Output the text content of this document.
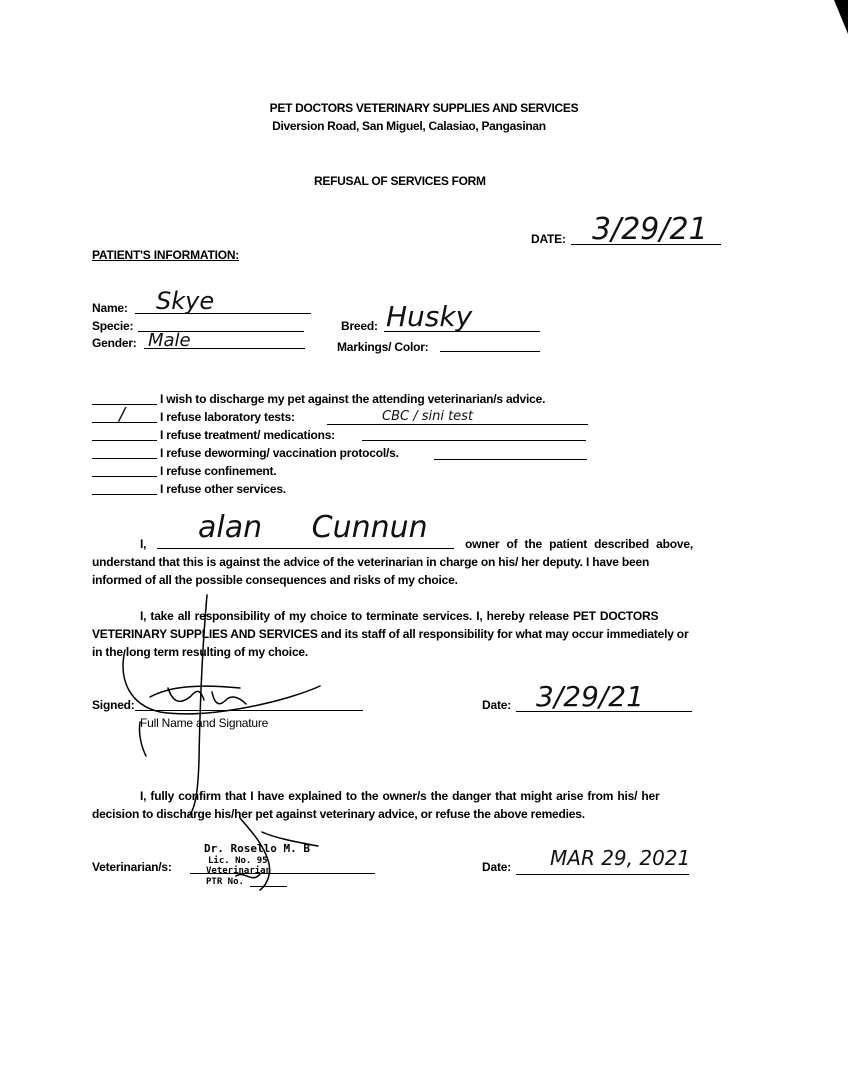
PET DOCTORS VETERINARY SUPPLIES AND SERVICES
Diversion Road, San Miguel, Calasiao, Pangasinan
REFUSAL OF SERVICES FORM
DATE: 3/29/21
PATIENT'S INFORMATION:
Name: Skye
Specie:
Gender: Male
Breed: Husky
Markings/ Color:
I wish to discharge my pet against the attending veterinarian/s advice.
/	I refuse laboratory tests:	CBC / sini test
I refuse treatment/ medications:
I refuse deworming/ vaccination protocol/s.
I refuse confinement.
I refuse other services.
I, alan Cunnun	owner of the patient described above,
understand that this is against the advice of the veterinarian in charge on his/ her deputy. I have been
informed of all the possible consequences and risks of my choice.
I, take all responsibility of my choice to terminate services. I, hereby release PET DOCTORS
VETERINARY SUPPLIES AND SERVICES and its staff of all responsibility for what may occur immediately or
in the long term resulting of my choice.
Signed:
Full Name and Signature
Date: 3/29/21
I, fully confirm that I have explained to the owner/s the danger that might arise from his/ her
decision to discharge his/her pet against veterinary advice, or refuse the above remedies.
Veterinarian/s:
Dr. Rosello M. B
Lic. No. 95
Veterinarian
PTR No.
Date: MAR 29, 2021
